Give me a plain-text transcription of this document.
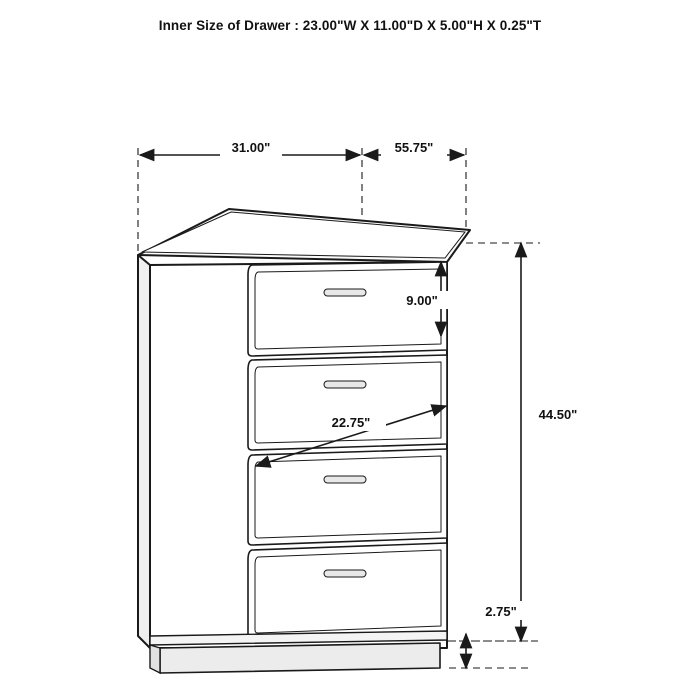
Inner Size of Drawer : 23.00"W X 11.00"D X 5.00"H X 0.25"T
31.00"	55.75"
9.00"
22.75"
44.50"
2.75"
